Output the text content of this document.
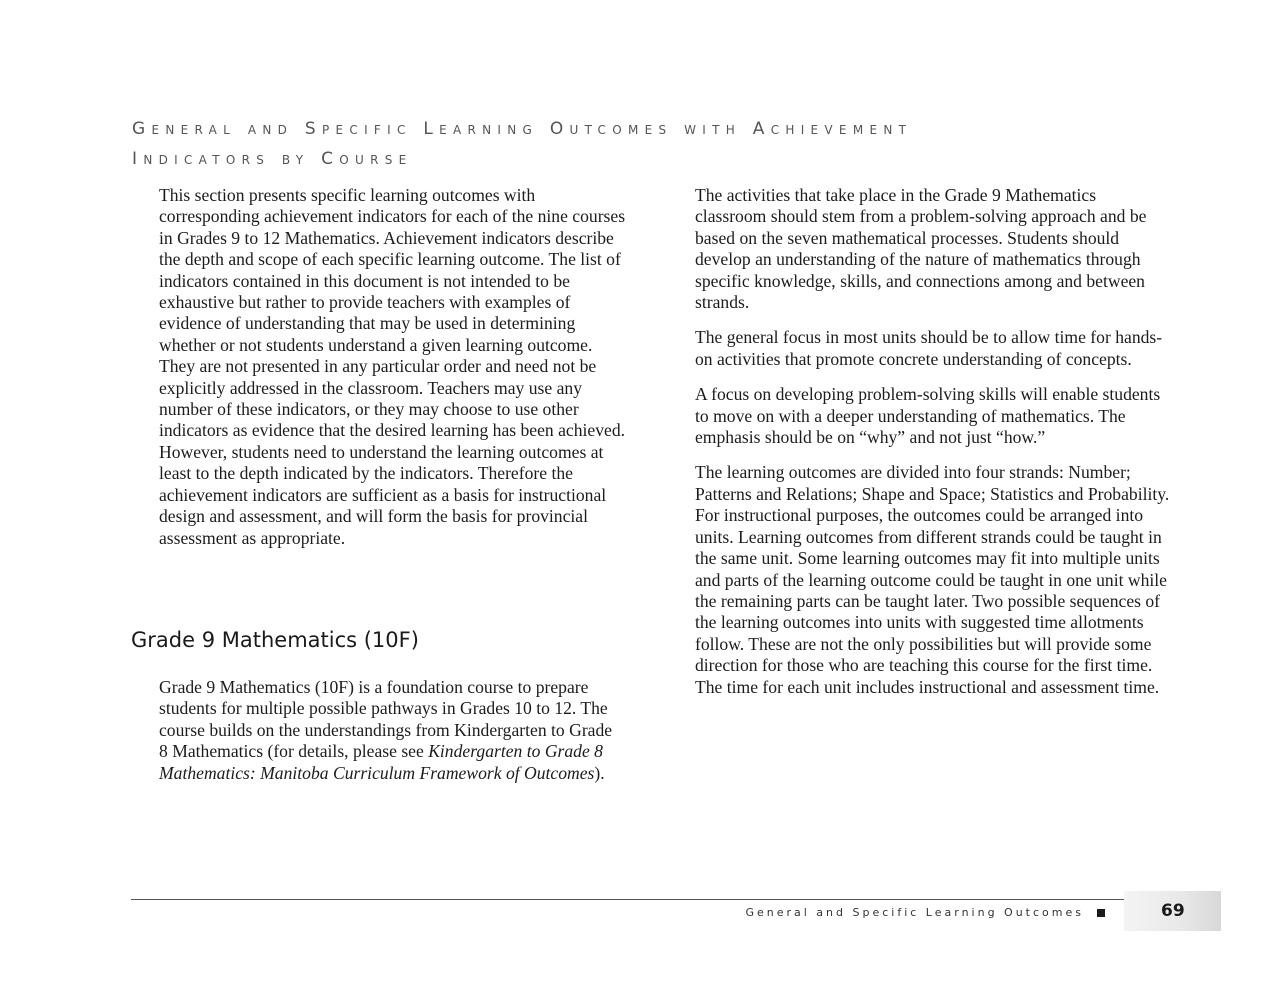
General and Specific Learning Outcomes with Achievement
Indicators by Course

This section presents specific learning outcomes with corresponding achievement indicators for each of the nine courses in Grades 9 to 12 Mathematics. Achievement indicators describe the depth and scope of each specific learning outcome. The list of indicators contained in this document is not intended to be exhaustive but rather to provide teachers with examples of evidence of understanding that may be used in determining whether or not students understand a given learning outcome. They are not presented in any particular order and need not be explicitly addressed in the classroom. Teachers may use any number of these indicators, or they may choose to use other indicators as evidence that the desired learning has been achieved. However, students need to understand the learning outcomes at least to the depth indicated by the indicators. Therefore the achievement indicators are sufficient as a basis for instructional design and assessment, and will form the basis for provincial assessment as appropriate.

Grade 9 Mathematics (10F)

Grade 9 Mathematics (10F) is a foundation course to prepare students for multiple possible pathways in Grades 10 to 12. The course builds on the understandings from Kindergarten to Grade 8 Mathematics (for details, please see Kindergarten to Grade 8 Mathematics: Manitoba Curriculum Framework of Outcomes).

The activities that take place in the Grade 9 Mathematics classroom should stem from a problem-solving approach and be based on the seven mathematical processes. Students should develop an understanding of the nature of mathematics through specific knowledge, skills, and connections among and between strands.

The general focus in most units should be to allow time for hands-on activities that promote concrete understanding of concepts.

A focus on developing problem-solving skills will enable students to move on with a deeper understanding of mathematics. The emphasis should be on “why” and not just “how.”

The learning outcomes are divided into four strands: Number; Patterns and Relations; Shape and Space; Statistics and Probability. For instructional purposes, the outcomes could be arranged into units. Learning outcomes from different strands could be taught in the same unit. Some learning outcomes may fit into multiple units and parts of the learning outcome could be taught in one unit while the remaining parts can be taught later. Two possible sequences of the learning outcomes into units with suggested time allotments follow. These are not the only possibilities but will provide some direction for those who are teaching this course for the first time. The time for each unit includes instructional and assessment time.

General and Specific Learning Outcomes	69
